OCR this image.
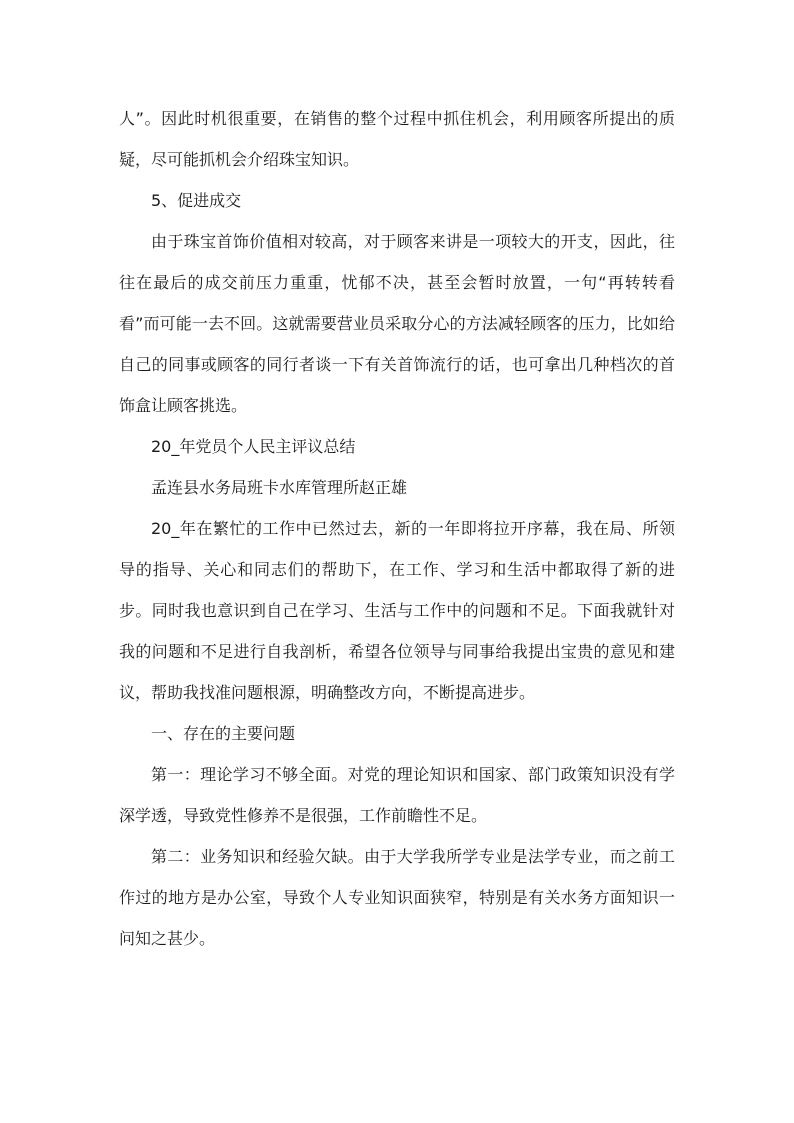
人”。因此时机很重要，在销售的整个过程中抓住机会，利用顾客所提出的质疑，尽可能抓机会介绍珠宝知识。

5、促进成交

由于珠宝首饰价值相对较高，对于顾客来讲是一项较大的开支，因此，往往在最后的成交前压力重重，忧郁不决，甚至会暂时放置，一句“再转转看看”而可能一去不回。这就需要营业员采取分心的方法减轻顾客的压力，比如给自己的同事或顾客的同行者谈一下有关首饰流行的话，也可拿出几种档次的首饰盒让顾客挑选。

20_年党员个人民主评议总结

孟连县水务局班卡水库管理所赵正雄

20_年在繁忙的工作中已然过去，新的一年即将拉开序幕，我在局、所领导的指导、关心和同志们的帮助下，在工作、学习和生活中都取得了新的进步。同时我也意识到自己在学习、生活与工作中的问题和不足。下面我就针对我的问题和不足进行自我剖析，希望各位领导与同事给我提出宝贵的意见和建议，帮助我找准问题根源，明确整改方向，不断提高进步。

一、存在的主要问题

第一：理论学习不够全面。对党的理论知识和国家、部门政策知识没有学深学透，导致党性修养不是很强，工作前瞻性不足。

第二：业务知识和经验欠缺。由于大学我所学专业是法学专业，而之前工作过的地方是办公室，导致个人专业知识面狭窄，特别是有关水务方面知识一问知之甚少。
